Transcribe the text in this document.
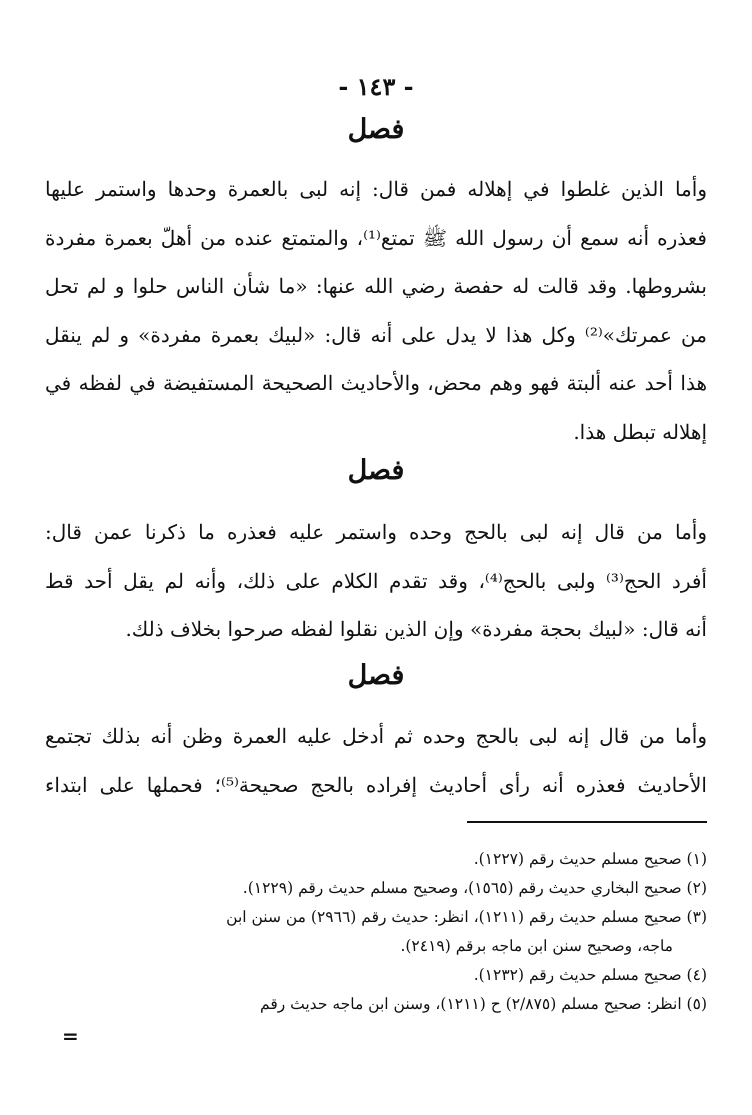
- ١٤٣ -
فصل
وأما الذين غلطوا في إهلاله فمن قال: إنه لبى بالعمرة وحدها واستمر عليها
فعذره أنه سمع أن رسول الله ﷺ تمتع⁽¹⁾، والمتمتع عنده من أهلّ بعمرة مفردة
بشروطها. وقد قالت له حفصة رضي الله عنها: «ما شأن الناس حلوا و لم تحل
من عمرتك»⁽²⁾ وكل هذا لا يدل على أنه قال: «لبيك بعمرة مفردة» و لم ينقل
هذا أحد عنه ألبتة فهو وهم محض، والأحاديث الصحيحة المستفيضة في لفظه في
إهلاله تبطل هذا.
فصل
وأما من قال إنه لبى بالحج وحده واستمر عليه فعذره ما ذكرنا عمن قال:
أفرد الحج⁽³⁾ ولبى بالحج⁽⁴⁾، وقد تقدم الكلام على ذلك، وأنه لم يقل أحد قط
أنه قال: «لبيك بحجة مفردة» وإن الذين نقلوا لفظه صرحوا بخلاف ذلك.
فصل
وأما من قال إنه لبى بالحج وحده ثم أدخل عليه العمرة وظن أنه بذلك تجتمع
الأحاديث فعذره أنه رأى أحاديث إفراده بالحج صحيحة⁽⁵⁾؛ فحملها على ابتداء
(١) صحيح مسلم حديث رقم (١٢٢٧).
(٢) صحيح البخاري حديث رقم (١٥٦٥)، وصحيح مسلم حديث رقم (١٢٢٩).
(٣) صحيح مسلم حديث رقم (١٢١١)، انظر: حديث رقم (٢٩٦٦) من سنن ابن
ماجه، وصحيح سنن ابن ماجه برقم (٢٤١٩).
(٤) صحيح مسلم حديث رقم (١٢٣٢).
(٥) انظر: صحيح مسلم (٢/٨٧٥) ح (١٢١١)، وسنن ابن ماجه حديث رقم
=
